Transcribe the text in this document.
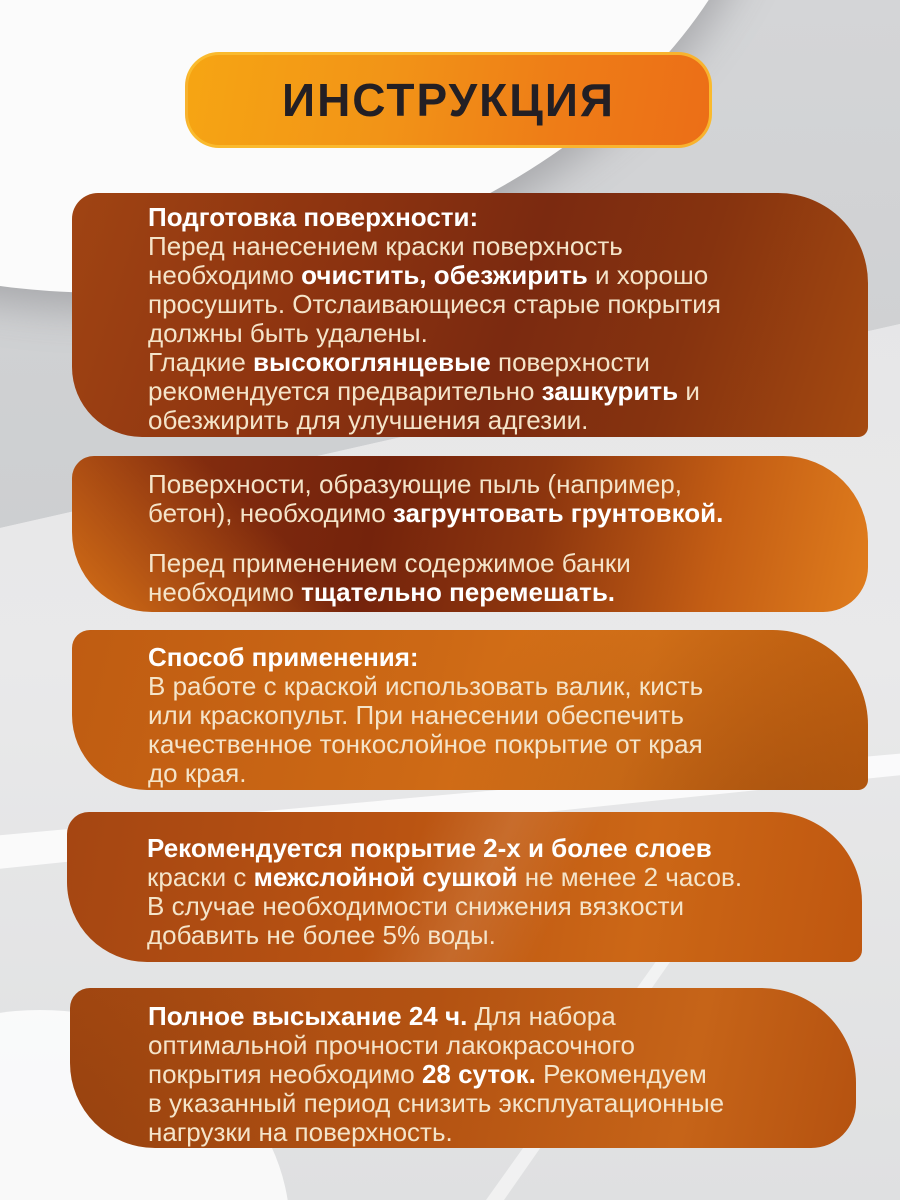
ИНСТРУКЦИЯ
Подготовка поверхности:
Перед нанесением краски поверхность
необходимо очистить, обезжирить и хорошо
просушить. Отслаивающиеся старые покрытия
должны быть удалены.
Гладкие высокоглянцевые поверхности
рекомендуется предварительно зашкурить и
обезжирить для улучшения адгезии.
Поверхности, образующие пыль (например,
бетон), необходимо загрунтовать грунтовкой.
Перед применением содержимое банки
необходимо тщательно перемешать.
Способ применения:
В работе с краской использовать валик, кисть
или краскопульт. При нанесении обеспечить
качественное тонкослойное покрытие от края
до края.
Рекомендуется покрытие 2-х и более слоев
краски с межслойной сушкой не менее 2 часов.
В случае необходимости снижения вязкости
добавить не более 5% воды.
Полное высыхание 24 ч. Для набора
оптимальной прочности лакокрасочного
покрытия необходимо 28 суток. Рекомендуем
в указанный период снизить эксплуатационные
нагрузки на поверхность.
